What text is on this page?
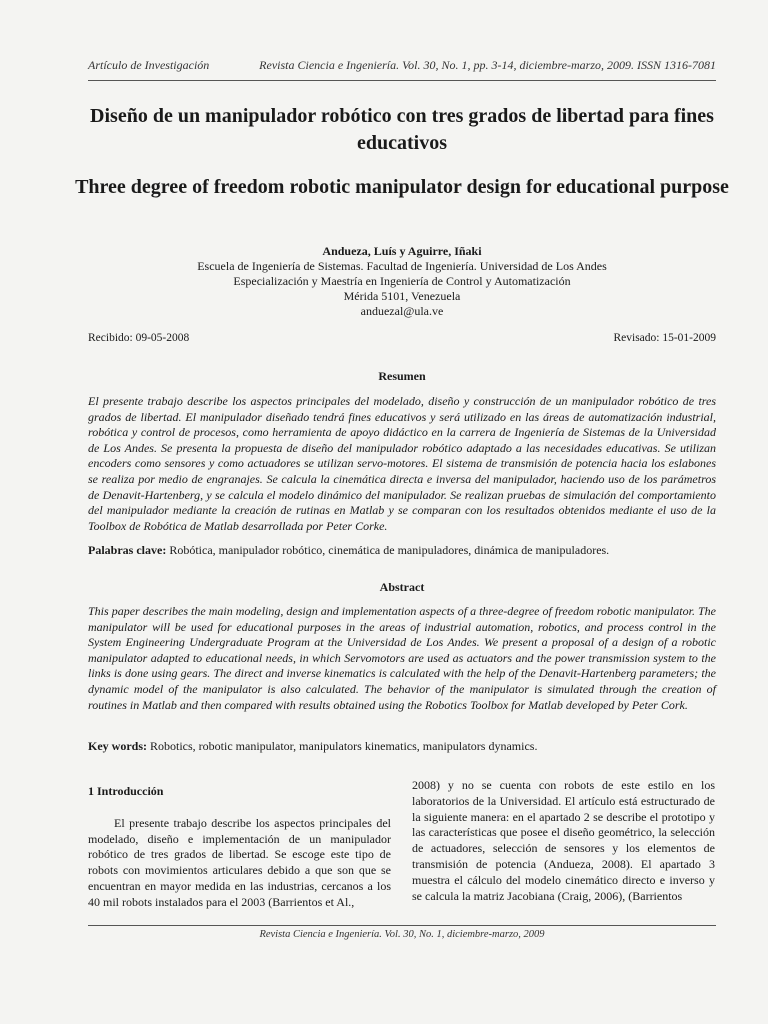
Artículo de Investigación	Revista Ciencia e Ingeniería. Vol. 30, No. 1, pp. 3-14, diciembre-marzo, 2009. ISSN 1316-7081
Diseño de un manipulador robótico con tres grados de libertad para fines educativos
Three degree of freedom robotic manipulator design for educational purpose
Andueza, Luís y Aguirre, Iñaki
Escuela de Ingeniería de Sistemas. Facultad de Ingeniería. Universidad de Los Andes
Especialización y Maestría en Ingeniería de Control y Automatización
Mérida 5101, Venezuela
anduezal@ula.ve
Recibido: 09-05-2008	Revisado: 15-01-2009
Resumen

El presente trabajo describe los aspectos principales del modelado, diseño y construcción de un manipulador robótico de tres grados de libertad. El manipulador diseñado tendrá fines educativos y será utilizado en las áreas de automatización industrial, robótica y control de procesos, como herramienta de apoyo didáctico en la carrera de Ingeniería de Sistemas de la Universidad de Los Andes. Se presenta la propuesta de diseño del manipulador robótico adaptado a las necesidades educativas. Se utilizan encoders como sensores y como actuadores se utilizan servo-motores. El sistema de transmisión de potencia hacia los eslabones se realiza por medio de engranajes. Se calcula la cinemática directa e inversa del manipulador, haciendo uso de los parámetros de Denavit-Hartenberg, y se calcula el modelo dinámico del manipulador. Se realizan pruebas de simulación del comportamiento del manipulador mediante la creación de rutinas en Matlab y se comparan con los resultados obtenidos mediante el uso de la Toolbox de Robótica de Matlab desarrollada por Peter Corke.

Palabras clave: Robótica, manipulador robótico, cinemática de manipuladores, dinámica de manipuladores.

Abstract

This paper describes the main modeling, design and implementation aspects of a three-degree of freedom robotic manipulator. The manipulator will be used for educational purposes in the areas of industrial automation, robotics, and process control in the System Engineering Undergraduate Program at the Universidad de Los Andes. We present a proposal of a design of a robotic manipulator adapted to educational needs, in which Servomotors are used as actuators and the power transmission system to the links is done using gears. The direct and inverse kinematics is calculated with the help of the Denavit-Hartenberg parameters; the dynamic model of the manipulator is also calculated. The behavior of the manipulator is simulated through the creation of routines in Matlab and then compared with results obtained using the Robotics Toolbox for Matlab developed by Peter Cork.

Key words: Robotics, robotic manipulator, manipulators kinematics, manipulators dynamics.

1 Introducción

El presente trabajo describe los aspectos principales del modelado, diseño e implementación de un manipulador robótico de tres grados de libertad. Se escoge este tipo de robots con movimientos articulares debido a que son que se encuentran en mayor medida en las industrias, cercanos a los 40 mil robots instalados para el 2003 (Barrientos et Al.,

2008) y no se cuenta con robots de este estilo en los laboratorios de la Universidad. El artículo está estructurado de la siguiente manera: en el apartado 2 se describe el prototipo y las características que posee el diseño geométrico, la selección de actuadores, selección de sensores y los elementos de transmisión de potencia (Andueza, 2008). El apartado 3 muestra el cálculo del modelo cinemático directo e inverso y se calcula la matriz Jacobiana (Craig, 2006), (Barrientos

Revista Ciencia e Ingeniería. Vol. 30, No. 1, diciembre-marzo, 2009
